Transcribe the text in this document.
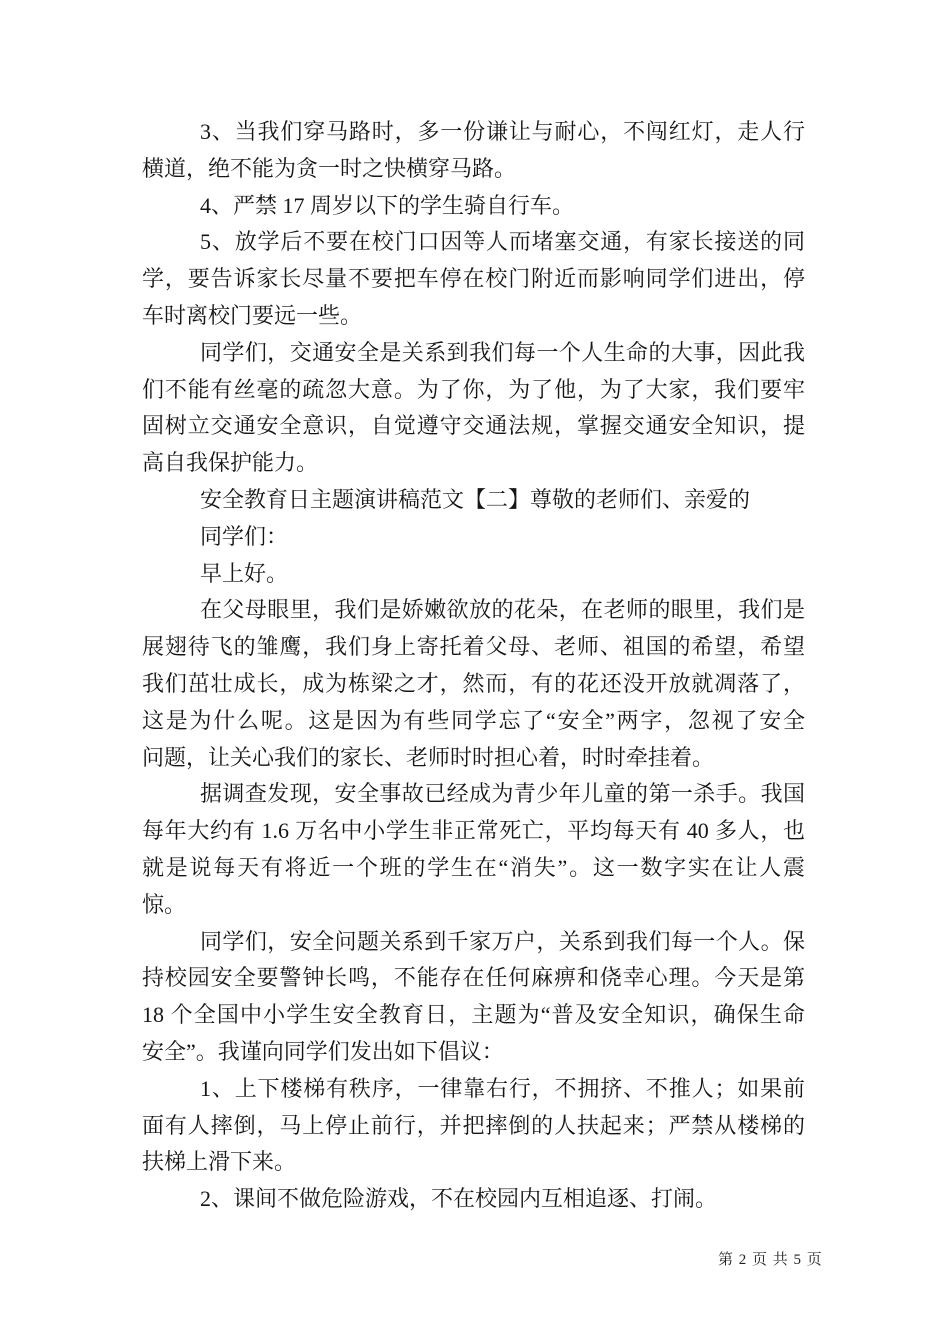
3、当我们穿马路时，多一份谦让与耐心，不闯红灯，走人行
横道，绝不能为贪一时之快横穿马路。
4、严禁 17 周岁以下的学生骑自行车。
5、放学后不要在校门口因等人而堵塞交通，有家长接送的同
学，要告诉家长尽量不要把车停在校门附近而影响同学们进出，停
车时离校门要远一些。
同学们，交通安全是关系到我们每一个人生命的大事，因此我
们不能有丝毫的疏忽大意。为了你，为了他，为了大家，我们要牢
固树立交通安全意识，自觉遵守交通法规，掌握交通安全知识，提
高自我保护能力。
安全教育日主题演讲稿范文【二】尊敬的老师们、亲爱的
同学们：
早上好。
在父母眼里，我们是娇嫩欲放的花朵，在老师的眼里，我们是
展翅待飞的雏鹰，我们身上寄托着父母、老师、祖国的希望，希望
我们茁壮成长，成为栋梁之才，然而，有的花还没开放就凋落了，
这是为什么呢。这是因为有些同学忘了“安全”两字，忽视了安全
问题，让关心我们的家长、老师时时担心着，时时牵挂着。
据调查发现，安全事故已经成为青少年儿童的第一杀手。我国
每年大约有 1.6 万名中小学生非正常死亡，平均每天有 40 多人，也
就是说每天有将近一个班的学生在“消失”。这一数字实在让人震
惊。
同学们，安全问题关系到千家万户，关系到我们每一个人。保
持校园安全要警钟长鸣，不能存在任何麻痹和侥幸心理。今天是第
18 个全国中小学生安全教育日，主题为“普及安全知识，确保生命
安全”。我谨向同学们发出如下倡议：
1、上下楼梯有秩序，一律靠右行，不拥挤、不推人；如果前
面有人摔倒，马上停止前行，并把摔倒的人扶起来；严禁从楼梯的
扶梯上滑下来。
2、课间不做危险游戏，不在校园内互相追逐、打闹。
第 2 页 共 5 页
